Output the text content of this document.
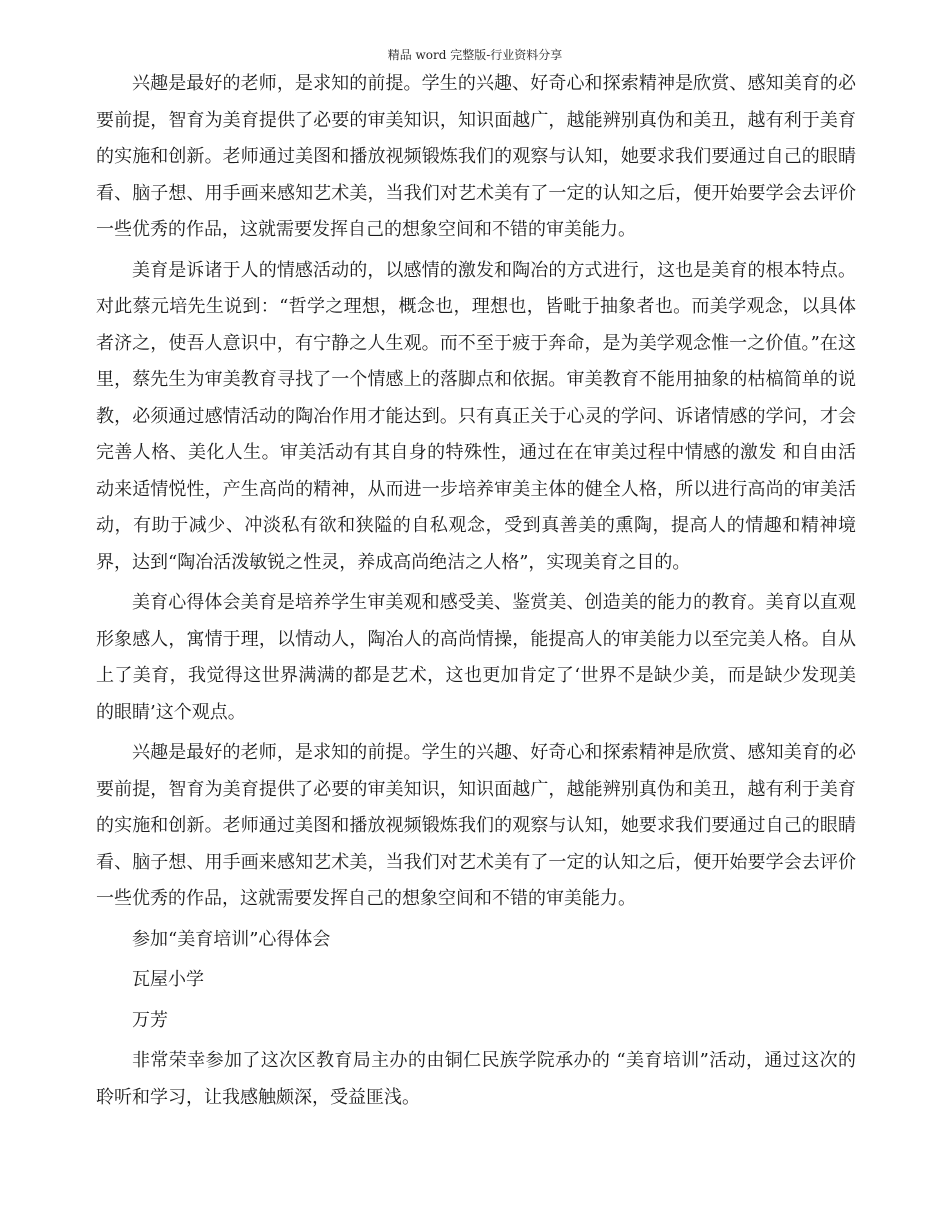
精品 word 完整版-行业资料分享

兴趣是最好的老师，是求知的前提。学生的兴趣、好奇心和探索精神是欣赏、感知美育的必要前提，智育为美育提供了必要的审美知识，知识面越广，越能辨别真伪和美丑，越有利于美育的实施和创新。老师通过美图和播放视频锻炼我们的观察与认知，她要求我们要通过自己的眼睛看、脑子想、用手画来感知艺术美，当我们对艺术美有了一定的认知之后，便开始要学会去评价一些优秀的作品，这就需要发挥自己的想象空间和不错的审美能力。

美育是诉诸于人的情感活动的，以感情的激发和陶冶的方式进行，这也是美育的根本特点。对此蔡元培先生说到：“哲学之理想，概念也，理想也，皆毗于抽象者也。而美学观念，以具体者济之，使吾人意识中，有宁静之人生观。而不至于疲于奔命，是为美学观念惟一之价值。”在这里，蔡先生为审美教育寻找了一个情感上的落脚点和依据。审美教育不能用抽象的枯槁简单的说教，必须通过感情活动的陶冶作用才能达到。只有真正关于心灵的学问、诉诸情感的学问，才会完善人格、美化人生。审美活动有其自身的特殊性，通过在在审美过程中情感的激发 和自由活动来适情悦性，产生高尚的精神，从而进一步培养审美主体的健全人格，所以进行高尚的审美活动，有助于减少、冲淡私有欲和狭隘的自私观念，受到真善美的熏陶，提高人的情趣和精神境界，达到“陶冶活泼敏锐之性灵，养成高尚绝洁之人格”，实现美育之目的。

美育心得体会美育是培养学生审美观和感受美、鉴赏美、创造美的能力的教育。美育以直观形象感人，寓情于理，以情动人，陶冶人的高尚情操，能提高人的审美能力以至完美人格。自从上了美育，我觉得这世界满满的都是艺术，这也更加肯定了‘世界不是缺少美，而是缺少发现美的眼睛’这个观点。

兴趣是最好的老师，是求知的前提。学生的兴趣、好奇心和探索精神是欣赏、感知美育的必要前提，智育为美育提供了必要的审美知识，知识面越广，越能辨别真伪和美丑，越有利于美育的实施和创新。老师通过美图和播放视频锻炼我们的观察与认知，她要求我们要通过自己的眼睛看、脑子想、用手画来感知艺术美，当我们对艺术美有了一定的认知之后，便开始要学会去评价一些优秀的作品，这就需要发挥自己的想象空间和不错的审美能力。

参加“美育培训”心得体会

瓦屋小学

万芳

非常荣幸参加了这次区教育局主办的由铜仁民族学院承办的 “美育培训”活动，通过这次的聆听和学习，让我感触颇深，受益匪浅。
